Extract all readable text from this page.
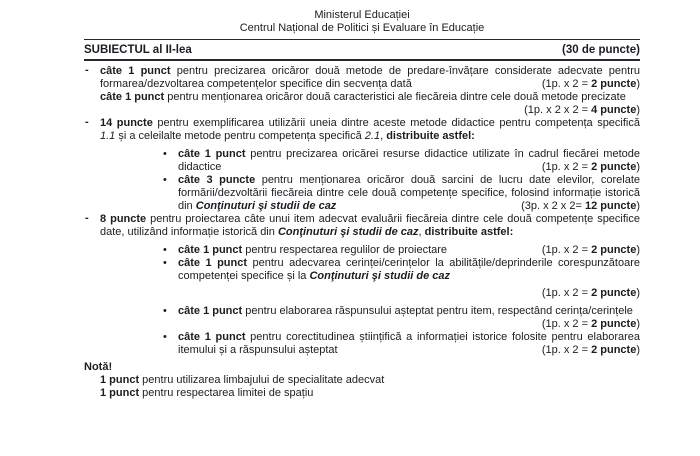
Ministerul Educației
Centrul Național de Politici și Evaluare în Educație
SUBIECTUL al II-lea	(30 de puncte)
- câte 1 punct pentru precizarea oricăror două metode de predare-învățare considerate adecvate pentru formarea/dezvoltarea competențelor specifice din secvența dată	(1p. x 2 = 2 puncte)
câte 1 punct pentru menționarea oricăror două caracteristici ale fiecăreia dintre cele două metode precizate
(1p. x 2 x 2 = 4 puncte)
- 14 puncte pentru exemplificarea utilizării uneia dintre aceste metode didactice pentru competența specifică 1.1 și a celeilalte metode pentru competența specifică 2.1, distribuite astfel:
• câte 1 punct pentru precizarea oricărei resurse didactice utilizate în cadrul fiecărei metode didactice	(1p. x 2 = 2 puncte)
• câte 3 puncte pentru menționarea oricăror două sarcini de lucru date elevilor, corelate formării/dezvoltării fiecăreia dintre cele două competențe specifice, folosind informație istorică din Conţinuturi şi studii de caz	(3p. x 2 x 2= 12 puncte)
- 8 puncte pentru proiectarea câte unui item adecvat evaluării fiecăreia dintre cele două competențe specifice date, utilizând informație istorică din Conţinuturi şi studii de caz, distribuite astfel:
• câte 1 punct pentru respectarea regulilor de proiectare	(1p. x 2 = 2 puncte)
• câte 1 punct pentru adecvarea cerinței/cerințelor la abilitățile/deprinderile corespunzătoare competenței specifice și la Conţinuturi şi studii de caz
(1p. x 2 = 2 puncte)
• câte 1 punct pentru elaborarea răspunsului așteptat pentru item, respectând cerința/cerințele
(1p. x 2 = 2 puncte)
• câte 1 punct pentru corectitudinea științifică a informației istorice folosite pentru elaborarea itemului și a răspunsului așteptat	(1p. x 2 = 2 puncte)
Notă!
1 punct pentru utilizarea limbajului de specialitate adecvat
1 punct pentru respectarea limitei de spațiu
